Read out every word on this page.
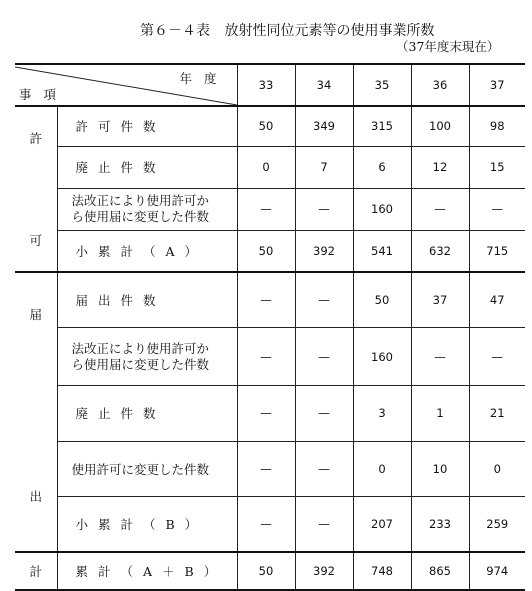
第６－４表 放射性同位元素等の使用事業所数
（37年度末現在）
年度
事項		33	34	35	36	37

許
可	許可件数	50	349	315	100	98
	廃止件数	0	7	6	12	15

	法改正により使用許可か
ら使用届に変更した件数	—	—	160	—	—
	小累計（A）	50	392	541	632	715

届
出	届出件数	—	—	50	37	47

	法改正により使用許可か
ら使用届に変更した件数	—	—	160	—	—
	廃止件数	—	—	3	1	21
	使用許可に変更した件数	—	—	0	10	0
	小累計（B）	—	—	207	233	259
計	累計（A＋B）	50	392	748	865	974
